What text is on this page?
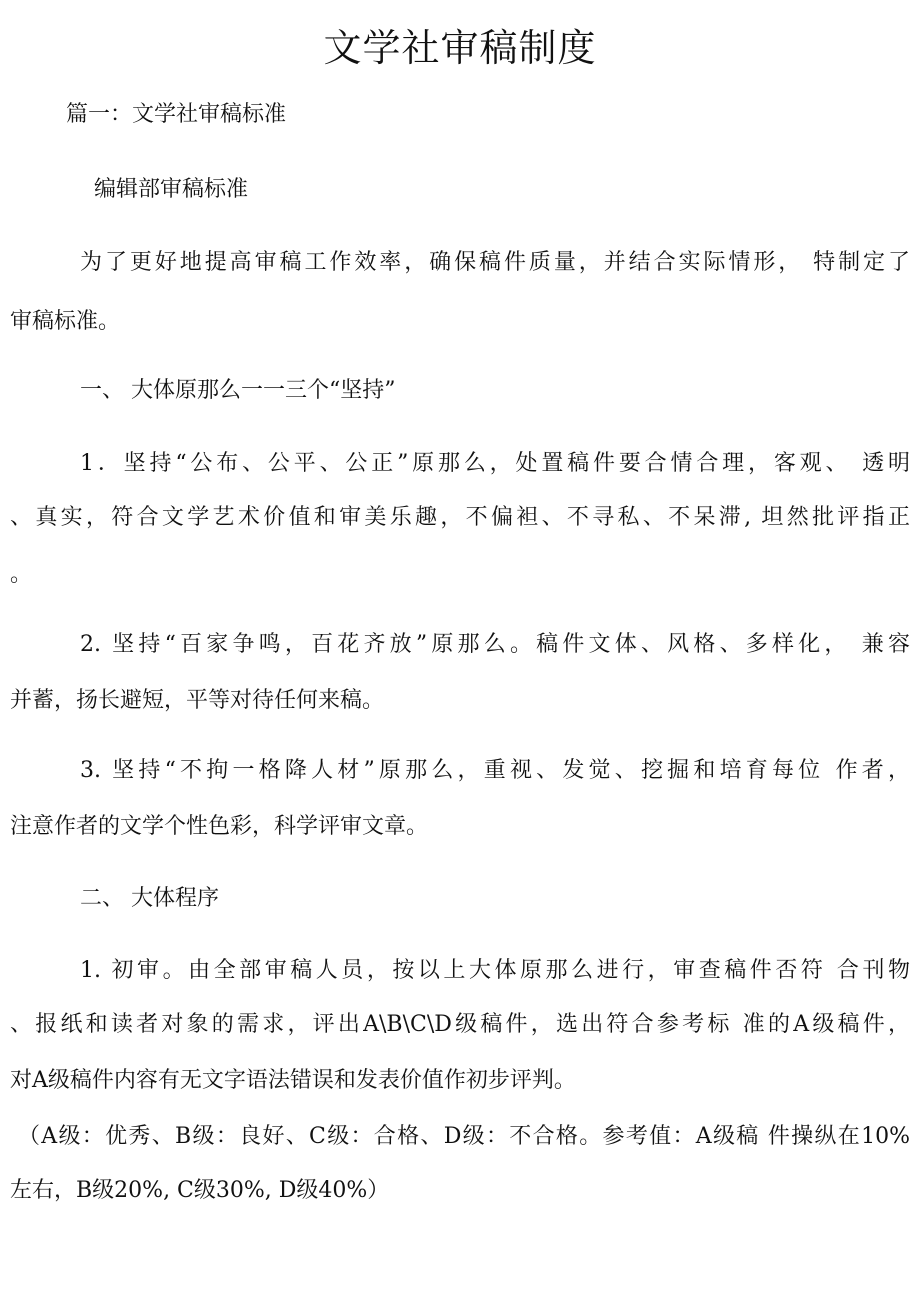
文学社审稿制度

篇一：文学社审稿标准

编辑部审稿标准

为了更好地提高审稿工作效率，确保稿件质量，并结合实际情形， 特制定了

审稿标准。

一、 大体原那么一一三个“坚持”

1．坚持“公布、公平、公正”原那么，处置稿件要合情合理，客观、 透明

、真实，符合文学艺术价值和审美乐趣，不偏袒、不寻私、不呆滞, 坦然批评指正

。

2. 坚持“百家争鸣，百花齐放”原那么。稿件文体、风格、多样化， 兼容

并蓄，扬长避短，平等对待任何来稿。

3. 坚持“不拘一格降人材”原那么，重视、发觉、挖掘和培育每位 作者，

注意作者的文学个性色彩，科学评审文章。

二、 大体程序

1. 初审。由全部审稿人员，按以上大体原那么进行，审查稿件否符 合刊物

、报纸和读者对象的需求，评出A\B\C\D级稿件，选出符合参考标 准的A级稿件，

对A级稿件内容有无文字语法错误和发表价值作初步评判。

（A级：优秀、B级：良好、C级：合格、D级：不合格。参考值：A级稿 件操纵在10%

左右，B级20%, C级30%, D级40%）
